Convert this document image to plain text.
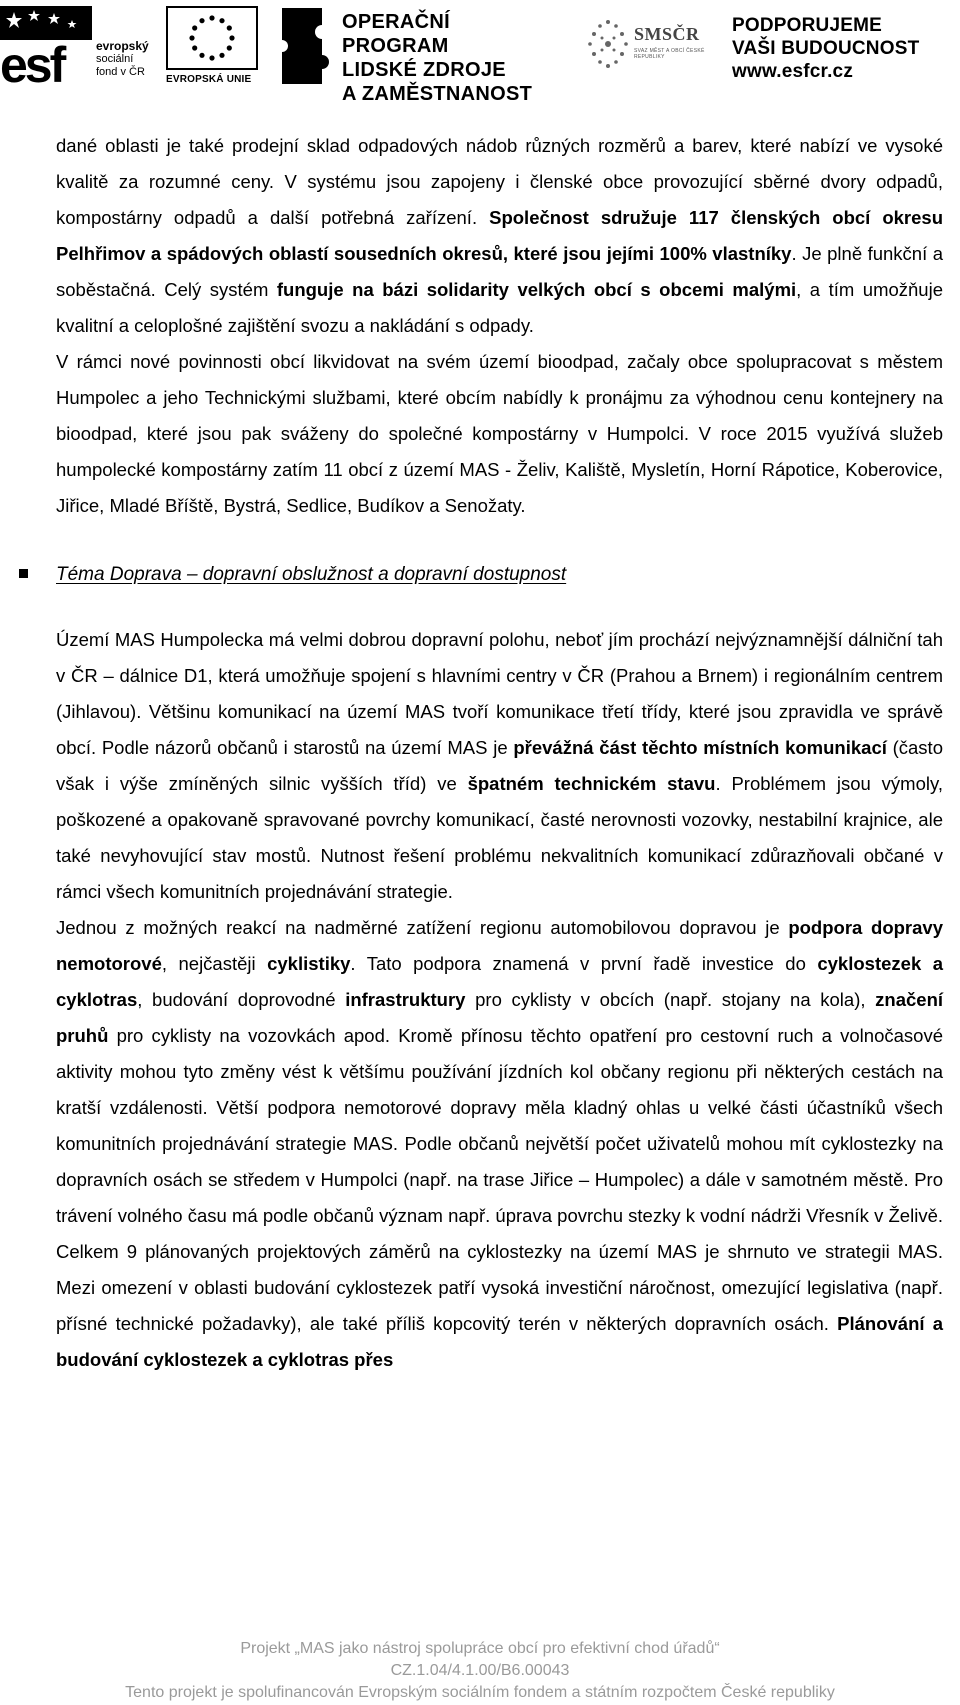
esf	evropský
sociální
fond v ČR
EVROPSKÁ UNIE
OPERAČNÍ PROGRAM
LIDSKÉ ZDROJE
A ZAMĚSTNANOST
SMSČR
SVAZ MĚST A OBCÍ ČESKÉ REPUBLIKY
PODPORUJEME
VAŠI BUDOUCNOST
www.esfcr.cz

dané oblasti je také prodejní sklad odpadových nádob různých rozměrů a barev, které nabízí ve vysoké kvalitě za rozumné ceny. V systému jsou zapojeny i členské obce provozující sběrné dvory odpadů, kompostárny odpadů a další potřebná zařízení. Společnost sdružuje 117 členských obcí okresu Pelhřimov a spádových oblastí sousedních okresů, které jsou jejími 100% vlastníky. Je plně funkční a soběstačná. Celý systém funguje na bázi solidarity velkých obcí s obcemi malými, a tím umožňuje kvalitní a celoplošné zajištění svozu a nakládání s odpady.

V rámci nové povinnosti obcí likvidovat na svém území bioodpad, začaly obce spolupracovat s městem Humpolec a jeho Technickými službami, které obcím nabídly k pronájmu za výhodnou cenu kontejnery na bioodpad, které jsou pak sváženy do společné kompostárny v Humpolci. V roce 2015 využívá služeb humpolecké kompostárny zatím 11 obcí z území MAS - Želiv, Kaliště, Mysletín, Horní Rápotice, Koberovice, Jiřice, Mladé Bříště, Bystrá, Sedlice, Budíkov a Senožaty.

Téma Doprava – dopravní obslužnost a dopravní dostupnost

Území MAS Humpolecka má velmi dobrou dopravní polohu, neboť jím prochází nejvýznamnější dálniční tah v ČR – dálnice D1, která umožňuje spojení s hlavními centry v ČR (Prahou a Brnem) i regionálním centrem (Jihlavou). Většinu komunikací na území MAS tvoří komunikace třetí třídy, které jsou zpravidla ve správě obcí. Podle názorů občanů i starostů na území MAS je převážná část těchto místních komunikací (často však i výše zmíněných silnic vyšších tříd) ve špatném technickém stavu. Problémem jsou výmoly, poškozené a opakovaně spravované povrchy komunikací, časté nerovnosti vozovky, nestabilní krajnice, ale také nevyhovující stav mostů. Nutnost řešení problému nekvalitních komunikací zdůrazňovali občané v rámci všech komunitních projednávání strategie.

Jednou z možných reakcí na nadměrné zatížení regionu automobilovou dopravou je podpora dopravy nemotorové, nejčastěji cyklistiky. Tato podpora znamená v první řadě investice do cyklostezek a cyklotras, budování doprovodné infrastruktury pro cyklisty v obcích (např. stojany na kola), značení pruhů pro cyklisty na vozovkách apod. Kromě přínosu těchto opatření pro cestovní ruch a volnočasové aktivity mohou tyto změny vést k většímu používání jízdních kol občany regionu při některých cestách na kratší vzdálenosti. Větší podpora nemotorové dopravy měla kladný ohlas u velké části účastníků všech komunitních projednávání strategie MAS. Podle občanů největší počet uživatelů mohou mít cyklostezky na dopravních osách se středem v Humpolci (např. na trase Jiřice – Humpolec) a dále v samotném městě. Pro trávení volného času má podle občanů význam např. úprava povrchu stezky k vodní nádrži Vřesník v Želivě. Celkem 9 plánovaných projektových záměrů na cyklostezky na území MAS je shrnuto ve strategii MAS. Mezi omezení v oblasti budování cyklostezek patří vysoká investiční náročnost, omezující legislativa (např. přísné technické požadavky), ale také příliš kopcovitý terén v některých dopravních osách. Plánování a budování cyklostezek a cyklotras přes

Projekt „MAS jako nástroj spolupráce obcí pro efektivní chod úřadů“
CZ.1.04/4.1.00/B6.00043
Tento projekt je spolufinancován Evropským sociálním fondem a státním rozpočtem České republiky
